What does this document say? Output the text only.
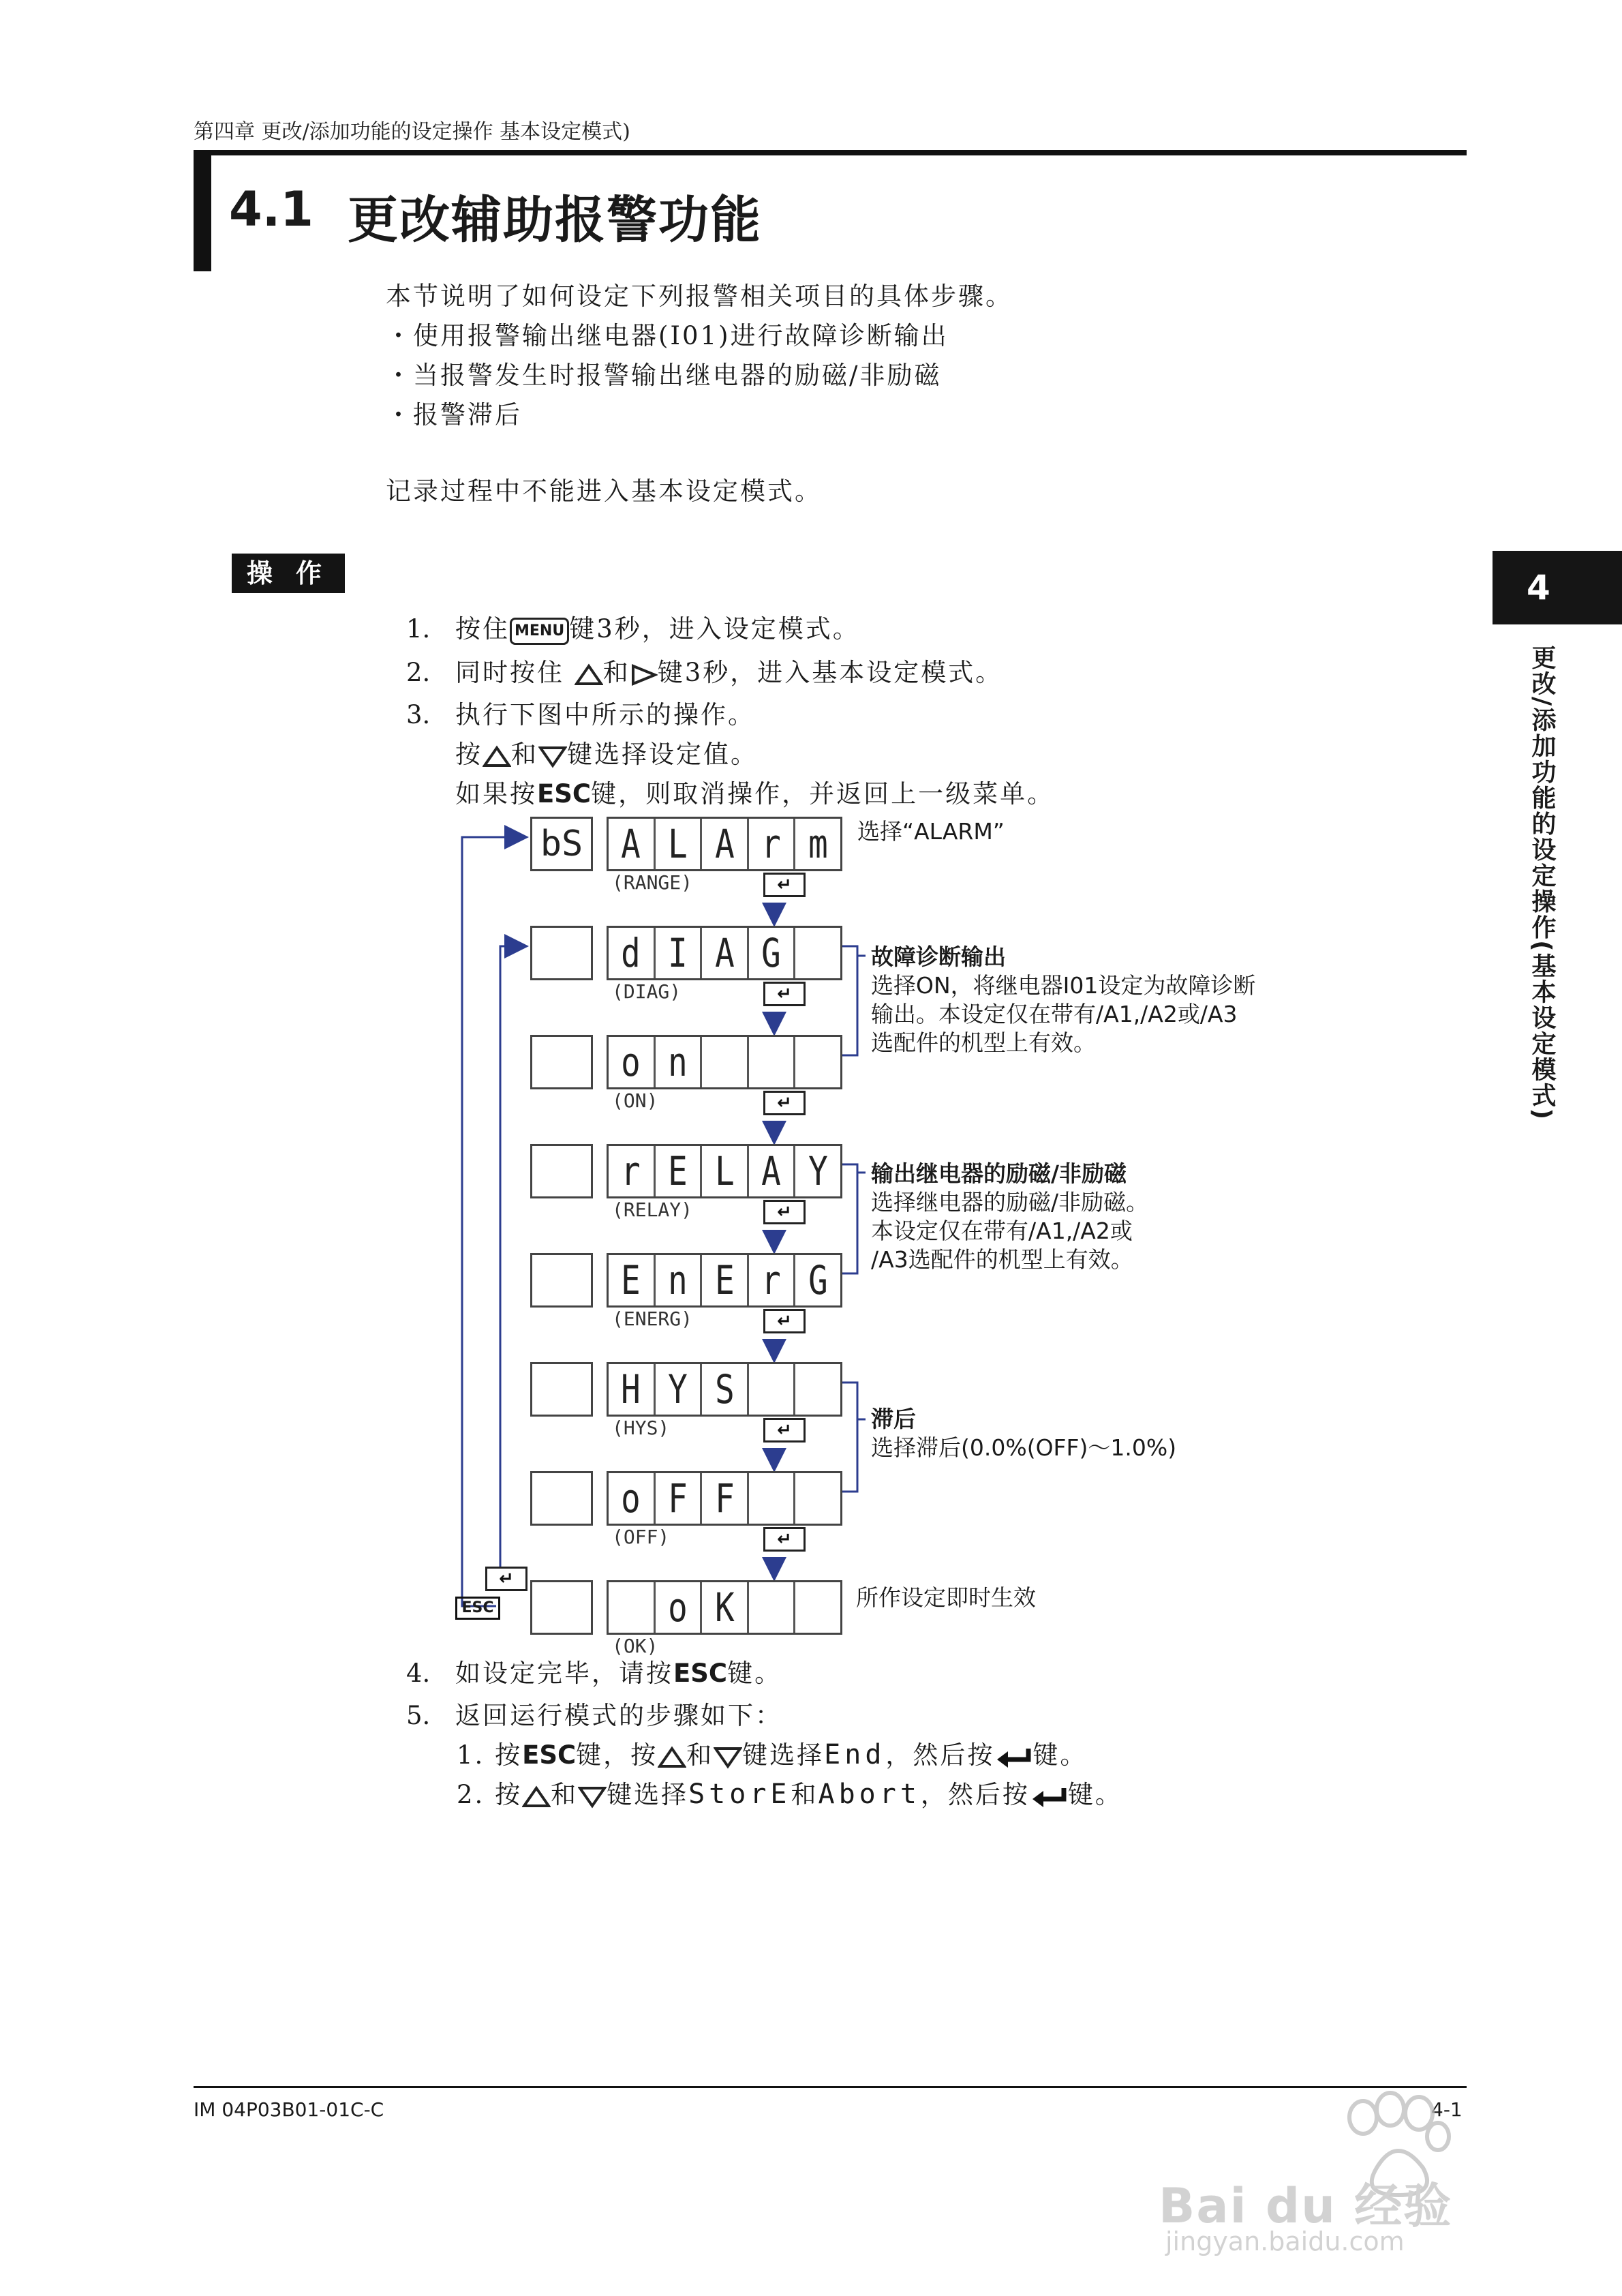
第四章 更改/添加功能的设定操作 基本设定模式)
4.1 更改辅助报警功能
本节说明了如何设定下列报警相关项目的具体步骤。
・使用报警输出继电器(I01)进行故障诊断输出
・当报警发生时报警输出继电器的励磁/非励磁
・报警滞后
记录过程中不能进入基本设定模式。
操作
1. 按住 MENU 键3秒，进入设定模式。
2. 同时按住 和 键3秒，进入基本设定模式。
3. 执行下图中所示的操作。
按 和 键选择设定值。
如果按ESC键，则取消操作，并返回上一级菜单。
4
更改/添加功能的设定操作(基本设定模式)
bS A L A r m
(RANGE)	↵
d I A G
(DIAG)	↵
o n
(ON)	↵
r E L A Y
(RELAY)	↵
E n E r G
(ENERG)	↵
H Y S
(HYS)	↵
o F F
(OFF)	↵
o K
(OK)
ESC
↵
选择“ALARM”
故障诊断输出
选择ON，将继电器I01设定为故障诊断
输出。本设定仅在带有/A1,/A2或/A3
选配件的机型上有效。
输出继电器的励磁/非励磁
选择继电器的励磁/非励磁。
本设定仅在带有/A1,/A2或
/A3选配件的机型上有效。
滞后
选择滞后(0.0%(OFF)～1.0%)
所作设定即时生效
4. 如设定完毕，请按ESC键。
5. 返回运行模式的步骤如下：
1. 按ESC键，按 和 键选择End，然后按 键。
2. 按 和 键选择StorE和Abort，然后按 键。
IM 04P03B01-01C-C	4-1
Bai du 经验
jingyan.baidu.com
